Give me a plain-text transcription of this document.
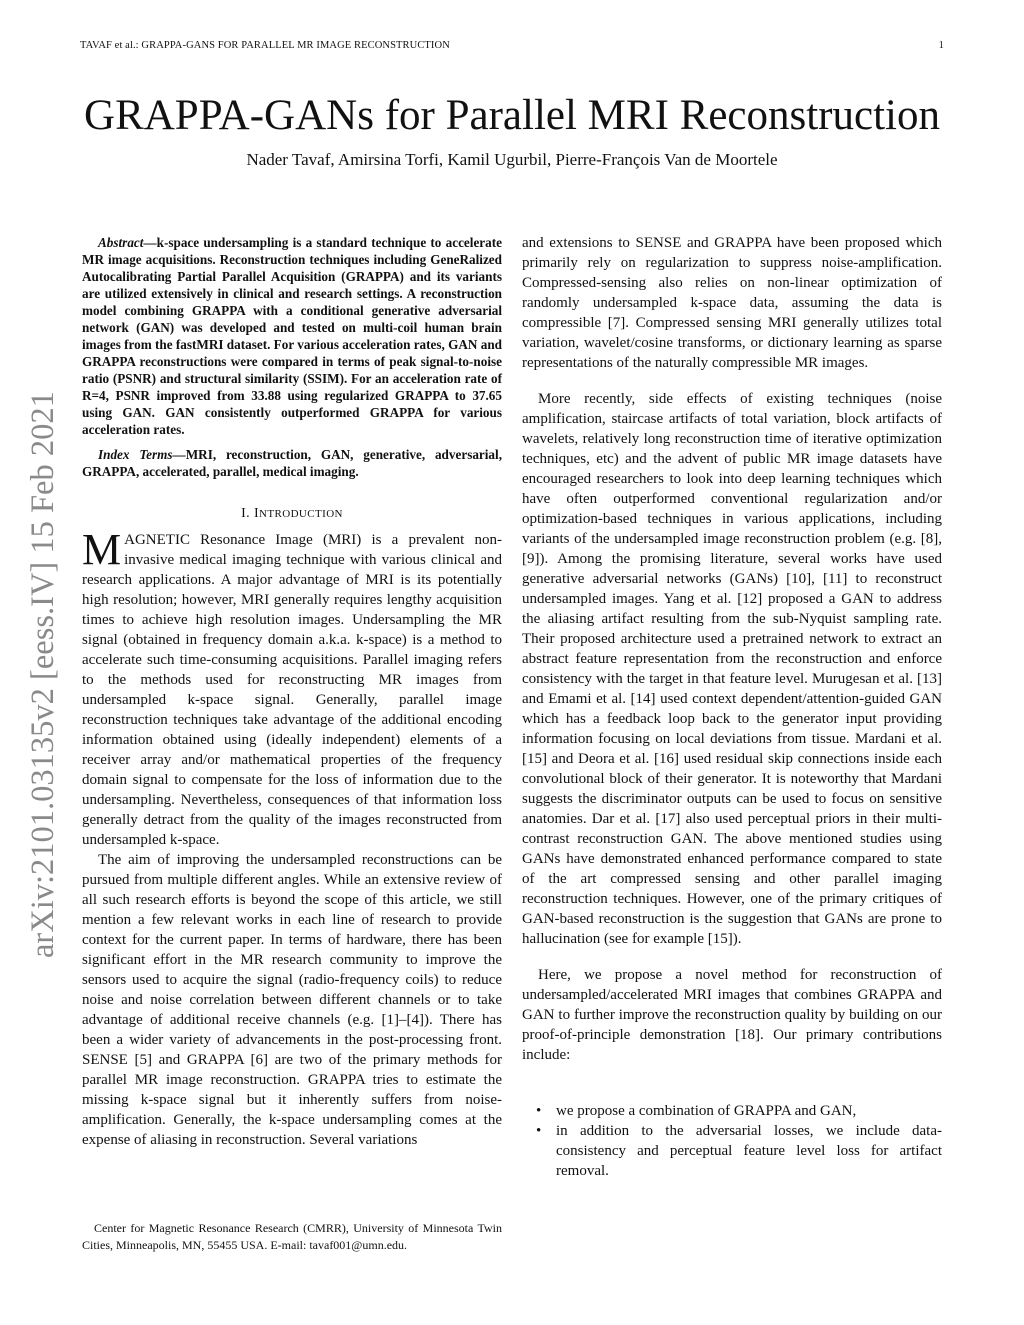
TAVAF et al.: GRAPPA-GANS FOR PARALLEL MR IMAGE RECONSTRUCTION	1
arXiv:2101.03135v2 [eess.IV] 15 Feb 2021
GRAPPA-GANs for Parallel MRI Reconstruction
Nader Tavaf, Amirsina Torfi, Kamil Ugurbil, Pierre-François Van de Moortele

Abstract—k-space undersampling is a standard technique to accelerate MR image acquisitions. Reconstruction techniques including GeneRalized Autocalibrating Partial Parallel Acquisition (GRAPPA) and its variants are utilized extensively in clinical and research settings. A reconstruction model combining GRAPPA with a conditional generative adversarial network (GAN) was developed and tested on multi-coil human brain images from the fastMRI dataset. For various acceleration rates, GAN and GRAPPA reconstructions were compared in terms of peak signal-to-noise ratio (PSNR) and structural similarity (SSIM). For an acceleration rate of R=4, PSNR improved from 33.88 using regularized GRAPPA to 37.65 using GAN. GAN consistently outperformed GRAPPA for various acceleration rates.

Index Terms—MRI, reconstruction, GAN, generative, adversarial, GRAPPA, accelerated, parallel, medical imaging.

I. INTRODUCTION

MAGNETIC Resonance Image (MRI) is a prevalent non-invasive medical imaging technique with various clinical and research applications. A major advantage of MRI is its potentially high resolution; however, MRI generally requires lengthy acquisition times to achieve high resolution images. Undersampling the MR signal (obtained in frequency domain a.k.a. k-space) is a method to accelerate such time-consuming acquisitions. Parallel imaging refers to the methods used for reconstructing MR images from undersampled k-space signal. Generally, parallel image reconstruction techniques take advantage of the additional encoding information obtained using (ideally independent) elements of a receiver array and/or mathematical properties of the frequency domain signal to compensate for the loss of information due to the undersampling. Nevertheless, consequences of that information loss generally detract from the quality of the images reconstructed from undersampled k-space.

The aim of improving the undersampled reconstructions can be pursued from multiple different angles. While an extensive review of all such research efforts is beyond the scope of this article, we still mention a few relevant works in each line of research to provide context for the current paper. In terms of hardware, there has been significant effort in the MR research community to improve the sensors used to acquire the signal (radio-frequency coils) to reduce noise and noise correlation between different channels or to take advantage of additional receive channels (e.g. [1]–[4]). There has been a wider variety of advancements in the post-processing front. SENSE [5] and GRAPPA [6] are two of the primary methods for parallel MR image reconstruction. GRAPPA tries to estimate the missing k-space signal but it inherently suffers from noise-amplification. Generally, the k-space undersampling comes at the expense of aliasing in reconstruction. Several variations

and extensions to SENSE and GRAPPA have been proposed which primarily rely on regularization to suppress noise-amplification. Compressed-sensing also relies on non-linear optimization of randomly undersampled k-space data, assuming the data is compressible [7]. Compressed sensing MRI generally utilizes total variation, wavelet/cosine transforms, or dictionary learning as sparse representations of the naturally compressible MR images.

More recently, side effects of existing techniques (noise amplification, staircase artifacts of total variation, block artifacts of wavelets, relatively long reconstruction time of iterative optimization techniques, etc) and the advent of public MR image datasets have encouraged researchers to look into deep learning techniques which have often outperformed conventional regularization and/or optimization-based techniques in various applications, including variants of the undersampled image reconstruction problem (e.g. [8], [9]). Among the promising literature, several works have used generative adversarial networks (GANs) [10], [11] to reconstruct undersampled images. Yang et al. [12] proposed a GAN to address the aliasing artifact resulting from the sub-Nyquist sampling rate. Their proposed architecture used a pretrained network to extract an abstract feature representation from the reconstruction and enforce consistency with the target in that feature level. Murugesan et al. [13] and Emami et al. [14] used context dependent/attention-guided GAN which has a feedback loop back to the generator input providing information focusing on local deviations from tissue. Mardani et al. [15] and Deora et al. [16] used residual skip connections inside each convolutional block of their generator. It is noteworthy that Mardani suggests the discriminator outputs can be used to focus on sensitive anatomies. Dar et al. [17] also used perceptual priors in their multi-contrast reconstruction GAN. The above mentioned studies using GANs have demonstrated enhanced performance compared to state of the art compressed sensing and other parallel imaging reconstruction techniques. However, one of the primary critiques of GAN-based reconstruction is the suggestion that GANs are prone to hallucination (see for example [15]).

Here, we propose a novel method for reconstruction of undersampled/accelerated MRI images that combines GRAPPA and GAN to further improve the reconstruction quality by building on our proof-of-principle demonstration [18]. Our primary contributions include:

• we propose a combination of GRAPPA and GAN,
• in addition to the adversarial losses, we include data-consistency and perceptual feature level loss for artifact removal.

Center for Magnetic Resonance Research (CMRR), University of Minnesota Twin Cities, Minneapolis, MN, 55455 USA. E-mail: tavaf001@umn.edu.
